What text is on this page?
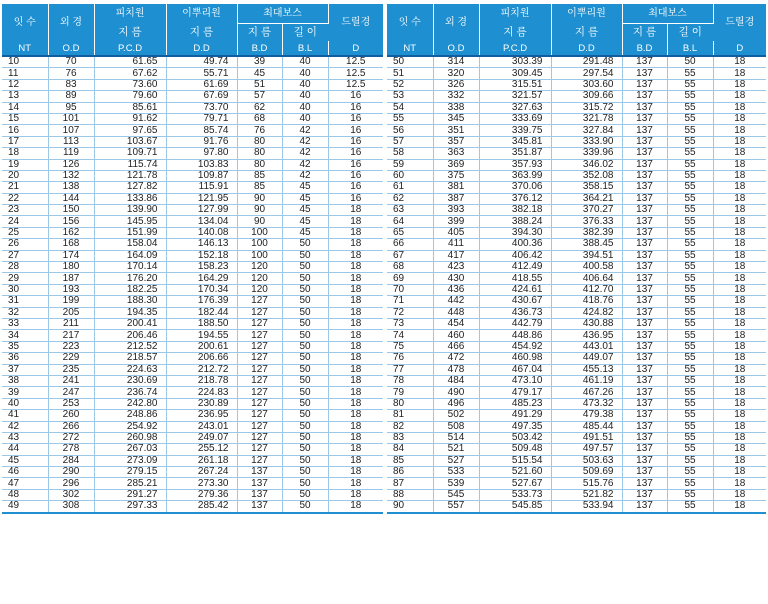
잇 수	외 경	피치원	이뿌리원	최대보스		드릴경
		지 름	지 름	지 름	길 이	
NT	O.D	P.C.D	D.D	B.D	B.L	D
10	70	61.65	49.74	39	40	12.5
11	76	67.62	55.71	45	40	12.5
12	83	73.60	61.69	51	40	12.5
13	89	79.60	67.69	57	40	16
14	95	85.61	73.70	62	40	16
15	101	91.62	79.71	68	40	16
16	107	97.65	85.74	76	42	16
17	113	103.67	91.76	80	42	16
18	119	109.71	97.80	80	42	16
19	126	115.74	103.83	80	42	16
20	132	121.78	109.87	85	42	16
21	138	127.82	115.91	85	45	16
22	144	133.86	121.95	90	45	16
23	150	139.90	127.99	90	45	18
24	156	145.95	134.04	90	45	18
25	162	151.99	140.08	100	45	18
26	168	158.04	146.13	100	50	18
27	174	164.09	152.18	100	50	18
28	180	170.14	158.23	120	50	18
29	187	176.20	164.29	120	50	18
30	193	182.25	170.34	120	50	18
31	199	188.30	176.39	127	50	18
32	205	194.35	182.44	127	50	18
33	211	200.41	188.50	127	50	18
34	217	206.46	194.55	127	50	18
35	223	212.52	200.61	127	50	18
36	229	218.57	206.66	127	50	18
37	235	224.63	212.72	127	50	18
38	241	230.69	218.78	127	50	18
39	247	236.74	224.83	127	50	18
40	253	242.80	230.89	127	50	18
41	260	248.86	236.95	127	50	18
42	266	254.92	243.01	127	50	18
43	272	260.98	249.07	127	50	18
44	278	267.03	255.12	127	50	18
45	284	273.09	261.18	127	50	18
46	290	279.15	267.24	137	50	18
47	296	285.21	273.30	137	50	18
48	302	291.27	279.36	137	50	18
49	308	297.33	285.42	137	50	18
잇 수	외 경	피치원	이뿌리원	최대보스		드릴경
		지 름	지 름	지 름	길 이	
NT	O.D	P.C.D	D.D	B.D	B.L	D
50	314	303.39	291.48	137	50	18
51	320	309.45	297.54	137	55	18
52	326	315.51	303.60	137	55	18
53	332	321.57	309.66	137	55	18
54	338	327.63	315.72	137	55	18
55	345	333.69	321.78	137	55	18
56	351	339.75	327.84	137	55	18
57	357	345.81	333.90	137	55	18
58	363	351.87	339.96	137	55	18
59	369	357.93	346.02	137	55	18
60	375	363.99	352.08	137	55	18
61	381	370.06	358.15	137	55	18
62	387	376.12	364.21	137	55	18
63	393	382.18	370.27	137	55	18
64	399	388.24	376.33	137	55	18
65	405	394.30	382.39	137	55	18
66	411	400.36	388.45	137	55	18
67	417	406.42	394.51	137	55	18
68	423	412.49	400.58	137	55	18
69	430	418.55	406.64	137	55	18
70	436	424.61	412.70	137	55	18
71	442	430.67	418.76	137	55	18
72	448	436.73	424.82	137	55	18
73	454	442.79	430.88	137	55	18
74	460	448.86	436.95	137	55	18
75	466	454.92	443.01	137	55	18
76	472	460.98	449.07	137	55	18
77	478	467.04	455.13	137	55	18
78	484	473.10	461.19	137	55	18
79	490	479.17	467.26	137	55	18
80	496	485.23	473.32	137	55	18
81	502	491.29	479.38	137	55	18
82	508	497.35	485.44	137	55	18
83	514	503.42	491.51	137	55	18
84	521	509.48	497.57	137	55	18
85	527	515.54	503.63	137	55	18
86	533	521.60	509.69	137	55	18
87	539	527.67	515.76	137	55	18
88	545	533.73	521.82	137	55	18
90	557	545.85	533.94	137	55	18
